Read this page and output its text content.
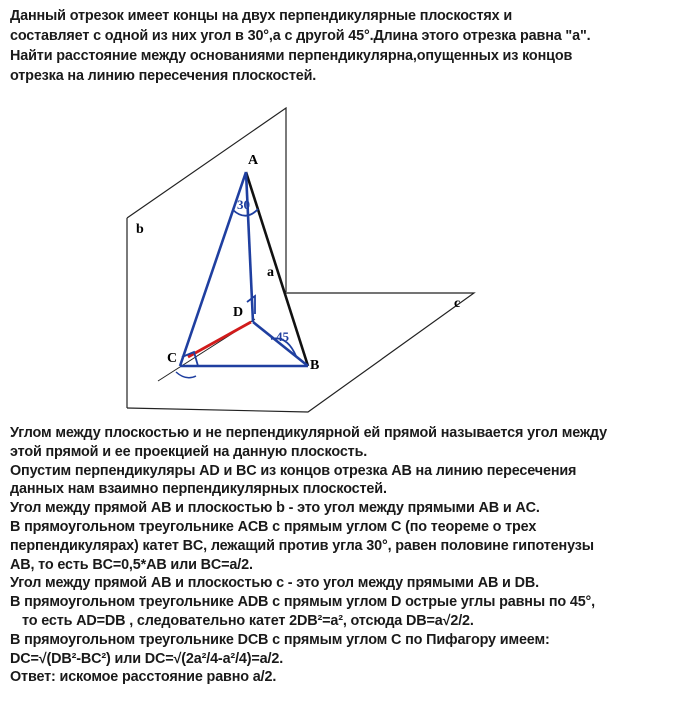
Данный отрезок имеет концы на двух перпендикулярные плоскостях и
составляет с одной из них угол в 30°,а с другой 45°.Длина этого отрезка равна "a".
Найти расстояние между основаниями перпендикулярна,опущенных из концов
отрезка на линию пересечения плоскостей.
A
b
30
a
c
D
45
C	B
Углом между плоскостью и не перпендикулярной ей прямой называется угол между
этой прямой и ее проекцией на данную плоскость.
Опустим перпендикуляры AD и BC из концов отрезка AB на линию пересечения
данных нам взаимно перпендикулярных плоскостей.
Угол между прямой AB и плоскостью b - это угол между прямыми AB и AC.
В прямоугольном треугольнике ACB с прямым углом C (по теореме о трех
перпендикулярах) катет BC, лежащий против угла 30°, равен половине гипотенузы
AB, то есть BC=0,5*AB или BC=a/2.
Угол между прямой AB и плоскостью c - это угол между прямыми AB и DB.
В прямоугольном треугольнике ADB с прямым углом D острые углы равны по 45°,
то есть AD=DB , следовательно катет 2DB²=a², отсюда DB=a√2/2.
В прямоугольном треугольнике DCB с прямым углом C по Пифагору имеем:
DC=√(DB²-BC²) или DC=√(2a²/4-a²/4)=a/2.
Ответ: искомое расстояние равно a/2.
